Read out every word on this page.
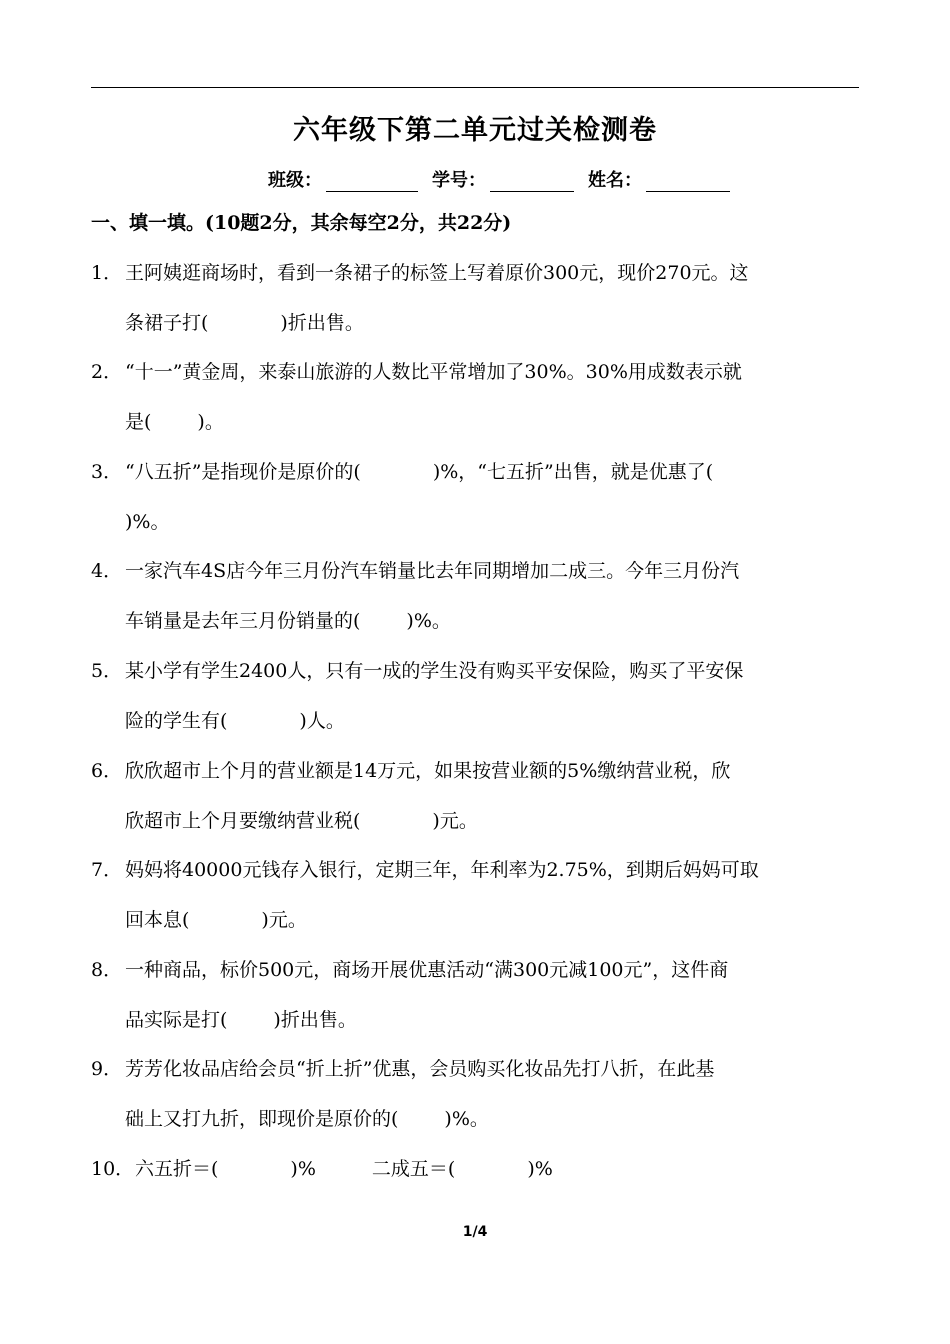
六年级下第二单元过关检测卷
班级：	学号：	姓名：
一、填一填。(10题2分，其余每空2分，共22分)
1． 王阿姨逛商场时，看到一条裙子的标签上写着原价300元，现价270元。这
条裙子打(	)折出售。
2． “十一”黄金周，来泰山旅游的人数比平常增加了30%。30%用成数表示就
是( )。
3． “八五折”是指现价是原价的(	)%，“七五折”出售，就是优惠了(
)%。
4． 一家汽车4S店今年三月份汽车销量比去年同期增加二成三。今年三月份汽
车销量是去年三月份销量的( )%。
5． 某小学有学生2400人，只有一成的学生没有购买平安保险，购买了平安保
险的学生有(	)人。
6． 欣欣超市上个月的营业额是14万元，如果按营业额的5%缴纳营业税，欣
欣超市上个月要缴纳营业税(	)元。
7． 妈妈将40000元钱存入银行，定期三年，年利率为2.75%，到期后妈妈可取
回本息(	)元。
8． 一种商品，标价500元，商场开展优惠活动“满300元减100元”，这件商
品实际是打( )折出售。
9． 芳芳化妆品店给会员“折上折”优惠，会员购买化妆品先打八折，在此基
础上又打九折，即现价是原价的( )%。
10．六五折＝(	)%	二成五＝(	)%
1/4
